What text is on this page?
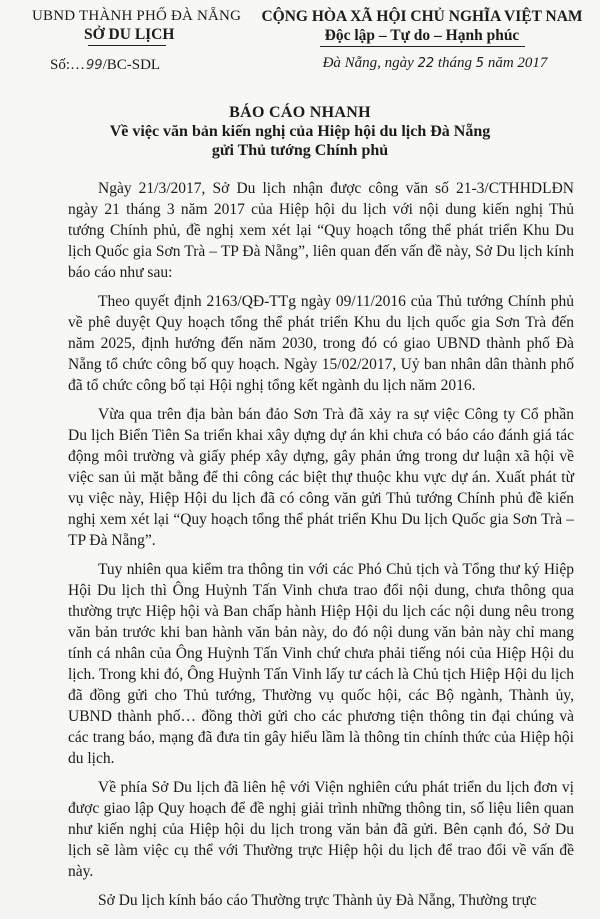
UBND THÀNH PHỐ ĐÀ NẴNG
SỞ DU LỊCH
Số:…99/BC-SDL
CỘNG HÒA XÃ HỘI CHỦ NGHĨA VIỆT NAM
Độc lập – Tự do – Hạnh phúc
Đà Nẵng, ngày 22 tháng 5 năm 2017
BÁO CÁO NHANH
Về việc văn bản kiến nghị của Hiệp hội du lịch Đà Nẵng
gửi Thủ tướng Chính phủ

Ngày 21/3/2017, Sở Du lịch nhận được công văn số 21-3/CTHHDLĐN ngày 21 tháng 3 năm 2017 của Hiệp hội du lịch với nội dung kiến nghị Thủ tướng Chính phủ, đề nghị xem xét lại “Quy hoạch tổng thể phát triển Khu Du lịch Quốc gia Sơn Trà – TP Đà Nẵng”, liên quan đến vấn đề này, Sở Du lịch kính báo cáo như sau:

Theo quyết định 2163/QĐ-TTg ngày 09/11/2016 của Thủ tướng Chính phủ về phê duyệt Quy hoạch tổng thể phát triển Khu du lịch quốc gia Sơn Trà đến năm 2025, định hướng đến năm 2030, trong đó có giao UBND thành phố Đà Nẵng tổ chức công bố quy hoạch. Ngày 15/02/2017, Uỷ ban nhân dân thành phố đã tổ chức công bố tại Hội nghị tổng kết ngành du lịch năm 2016.

Vừa qua trên địa bàn bán đảo Sơn Trà đã xảy ra sự việc Công ty Cổ phần Du lịch Biển Tiên Sa triển khai xây dựng dự án khi chưa có báo cáo đánh giá tác động môi trường và giấy phép xây dựng, gây phản ứng trong dư luận xã hội về việc san ủi mặt bằng để thi công các biệt thự thuộc khu vực dự án. Xuất phát từ vụ việc này, Hiệp Hội du lịch đã có công văn gửi Thủ tướng Chính phủ đề kiến nghị xem xét lại “Quy hoạch tổng thể phát triển Khu Du lịch Quốc gia Sơn Trà – TP Đà Nẵng”.

Tuy nhiên qua kiểm tra thông tin với các Phó Chủ tịch và Tổng thư ký Hiệp Hội Du lịch thì Ông Huỳnh Tấn Vinh chưa trao đổi nội dung, chưa thông qua thường trực Hiệp hội và Ban chấp hành Hiệp Hội du lịch các nội dung nêu trong văn bản trước khi ban hành văn bản này, do đó nội dung văn bản này chỉ mang tính cá nhân của Ông Huỳnh Tấn Vinh chứ chưa phải tiếng nói của Hiệp Hội du lịch. Trong khi đó, Ông Huỳnh Tấn Vinh lấy tư cách là Chủ tịch Hiệp Hội du lịch đã đồng gửi cho Thủ tướng, Thường vụ quốc hội, các Bộ ngành, Thành ủy, UBND thành phố… đồng thời gửi cho các phương tiện thông tin đại chúng và các trang báo, mạng đã đưa tin gây hiểu lầm là thông tin chính thức của Hiệp hội du lịch.

Về phía Sở Du lịch đã liên hệ với Viện nghiên cứu phát triển du lịch đơn vị được giao lập Quy hoạch để đề nghị giải trình những thông tin, số liệu liên quan như kiến nghị của Hiệp hội du lịch trong văn bản đã gửi. Bên cạnh đó, Sở Du lịch sẽ làm việc cụ thể với Thường trực Hiệp hội du lịch để trao đổi về vấn đề này.

Sở Du lịch kính báo cáo Thường trực Thành ủy Đà Nẵng, Thường trực
